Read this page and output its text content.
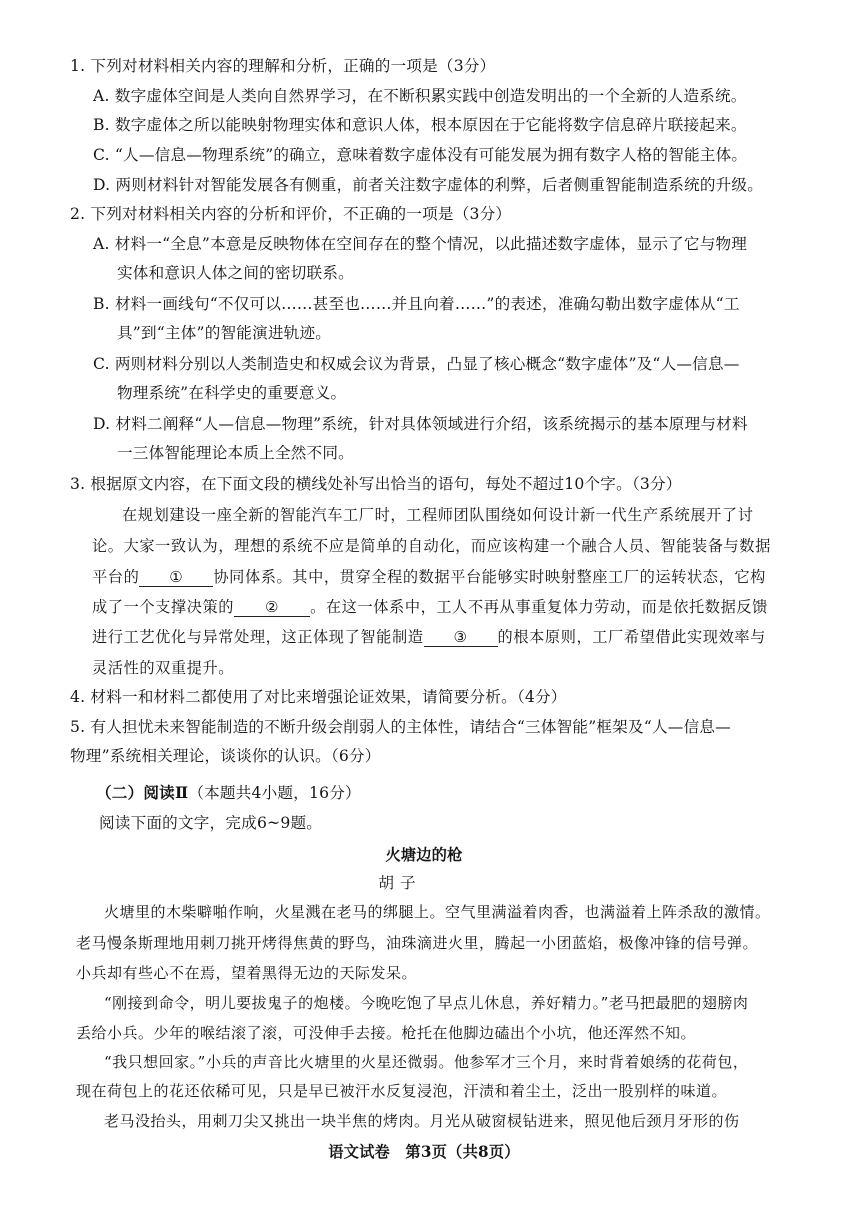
1. 下列对材料相关内容的理解和分析，正确的一项是（3分）
A. 数字虚体空间是人类向自然界学习，在不断积累实践中创造发明出的一个全新的人造系统。
B. 数字虚体之所以能映射物理实体和意识人体，根本原因在于它能将数字信息碎片联接起来。
C. “人—信息—物理系统”的确立，意味着数字虚体没有可能发展为拥有数字人格的智能主体。
D. 两则材料针对智能发展各有侧重，前者关注数字虚体的利弊，后者侧重智能制造系统的升级。
2. 下列对材料相关内容的分析和评价，不正确的一项是（3分）
A. 材料一“全息”本意是反映物体在空间存在的整个情况，以此描述数字虚体，显示了它与物理
实体和意识人体之间的密切联系。
B. 材料一画线句“不仅可以……甚至也……并且向着……”的表述，准确勾勒出数字虚体从“工
具”到“主体”的智能演进轨迹。
C. 两则材料分别以人类制造史和权威会议为背景，凸显了核心概念“数字虚体”及“人—信息—
物理系统”在科学史的重要意义。
D. 材料二阐释“人—信息—物理”系统，针对具体领域进行介绍，该系统揭示的基本原理与材料
一三体智能理论本质上全然不同。
3. 根据原文内容，在下面文段的横线处补写出恰当的语句，每处不超过10个字。（3分）
在规划建设一座全新的智能汽车工厂时，工程师团队围绕如何设计新一代生产系统展开了讨
论。大家一致认为，理想的系统不应是简单的自动化，而应该构建一个融合人员、智能装备与数据
平台的 ① 协同体系。其中，贯穿全程的数据平台能够实时映射整座工厂的运转状态，它构
成了一个支撑决策的 ② 。在这一体系中，工人不再从事重复体力劳动，而是依托数据反馈
进行工艺优化与异常处理，这正体现了智能制造 ③ 的根本原则，工厂希望借此实现效率与
灵活性的双重提升。
4. 材料一和材料二都使用了对比来增强论证效果，请简要分析。（4分）
5. 有人担忧未来智能制造的不断升级会削弱人的主体性，请结合“三体智能”框架及“人—信息—
物理”系统相关理论，谈谈你的认识。（6分）
（二）阅读Ⅱ（本题共4小题，16分）
阅读下面的文字，完成6~9题。
火塘边的枪
胡子
火塘里的木柴噼啪作响，火星溅在老马的绑腿上。空气里满溢着肉香，也满溢着上阵杀敌的激情。
老马慢条斯理地用刺刀挑开烤得焦黄的野鸟，油珠滴进火里，腾起一小团蓝焰，极像冲锋的信号弹。
小兵却有些心不在焉，望着黑得无边的天际发呆。
“刚接到命令，明儿要拔鬼子的炮楼。今晚吃饱了早点儿休息，养好精力。”老马把最肥的翅膀肉
丢给小兵。少年的喉结滚了滚，可没伸手去接。枪托在他脚边磕出个小坑，他还浑然不知。
“我只想回家。”小兵的声音比火塘里的火星还微弱。他参军才三个月，来时背着娘绣的花荷包，
现在荷包上的花还依稀可见，只是早已被汗水反复浸泡，汗渍和着尘土，泛出一股别样的味道。
老马没抬头，用刺刀尖又挑出一块半焦的烤肉。月光从破窗棂钻进来，照见他后颈月牙形的伤
语文试卷　第3页（共8页）
